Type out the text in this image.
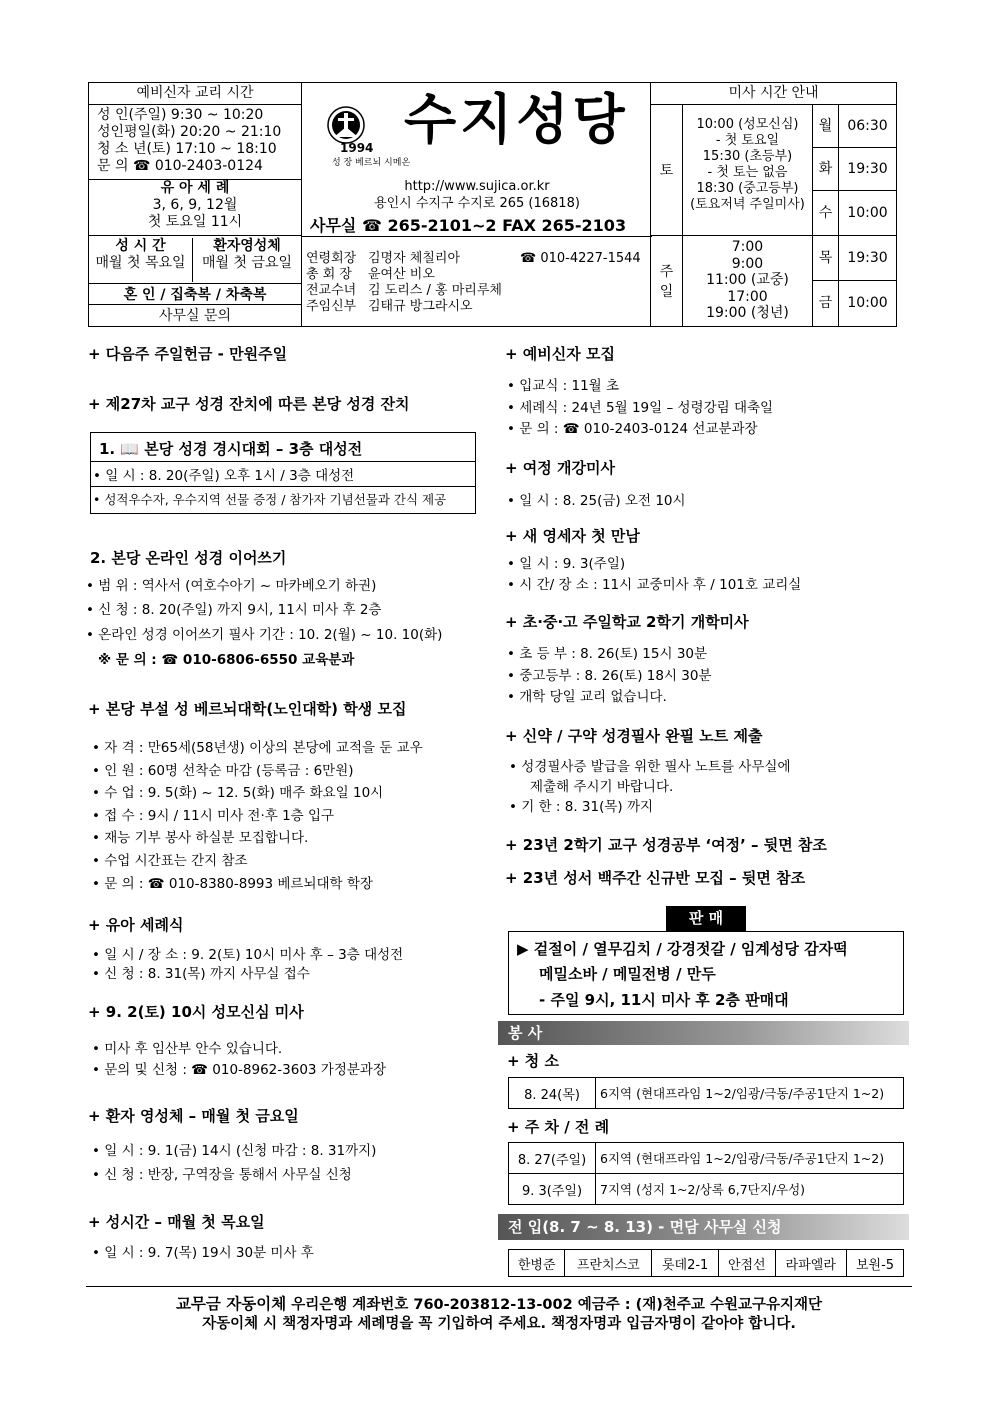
예비신자 교리 시간
성 인(주일) 9:30 ~ 10:20
성인평일(화) 20:20 ~ 21:10
청 소 년(토) 17:10 ~ 18:10
문 의 ☎ 010-2403-0124
유 아 세 례
3, 6, 9, 12월
첫 토요일 11시
성 시 간
매월 첫 목요일
환자영성체
매월 첫 금요일
혼 인 / 집축복 / 차축복
사무실 문의
1994
성 장 베르뇌 시메온
수지성당
http://www.sujica.or.kr
용인시 수지구 수지로 265 (16818)
사무실 ☎ 265-2101~2 FAX 265-2103
연령회장 김명자 체칠리아
총 회 장 윤여산 비오
전교수녀 김 도리스 / 홍 마리루체
주임신부 김태규 방그라시오
☎ 010-4227-1544
미사 시간 안내
토
10:00 (성모신심)
- 첫 토요일
15:30 (초등부)
- 첫 토는 없음
18:30 (중고등부)
(토요저녁 주일미사)
주 일
7:00
9:00
11:00 (교중)
17:00
19:00 (청년)
월	06:30
화	19:30
수	10:00
목	19:30
금	10:00
+ 다음주 주일헌금 - 만원주일
+ 제27차 교구 성경 잔치에 따른 본당 성경 잔치
1. 📖 본당 성경 경시대회 – 3층 대성전
• 일 시 : 8. 20(주일) 오후 1시 / 3층 대성전
• 성적우수자, 우수지역 선물 증정 / 참가자 기념선물과 간식 제공
2. 본당 온라인 성경 이어쓰기
• 범 위 : 역사서 (여호수아기 ~ 마카베오기 하권)
• 신 청 : 8. 20(주일) 까지 9시, 11시 미사 후 2층
• 온라인 성경 이어쓰기 필사 기간 : 10. 2(월) ~ 10. 10(화)
※ 문 의 : ☎ 010-6806-6550 교육분과
+ 본당 부설 성 베르뇌대학(노인대학) 학생 모집
• 자 격 : 만65세(58년생) 이상의 본당에 교적을 둔 교우
• 인 원 : 60명 선착순 마감 (등록금 : 6만원)
• 수 업 : 9. 5(화) ~ 12. 5(화) 매주 화요일 10시
• 접 수 : 9시 / 11시 미사 전·후 1층 입구
• 재능 기부 봉사 하실분 모집합니다.
• 수업 시간표는 간지 참조
• 문 의 : ☎ 010-8380-8993 베르뇌대학 학장
+ 유아 세례식
• 일 시 / 장 소 : 9. 2(토) 10시 미사 후 – 3층 대성전
• 신 청 : 8. 31(목) 까지 사무실 접수
+ 9. 2(토) 10시 성모신심 미사
• 미사 후 임산부 안수 있습니다.
• 문의 및 신청 : ☎ 010-8962-3603 가정분과장
+ 환자 영성체 – 매월 첫 금요일
• 일 시 : 9. 1(금) 14시 (신청 마감 : 8. 31까지)
• 신 청 : 반장, 구역장을 통해서 사무실 신청
+ 성시간 – 매월 첫 목요일
• 일 시 : 9. 7(목) 19시 30분 미사 후
+ 예비신자 모집
• 입교식 : 11월 초
• 세례식 : 24년 5월 19일 – 성령강림 대축일
• 문 의 : ☎ 010-2403-0124 선교분과장
+ 여정 개강미사
• 일 시 : 8. 25(금) 오전 10시
+ 새 영세자 첫 만남
• 일 시 : 9. 3(주일)
• 시 간/ 장 소 : 11시 교중미사 후 / 101호 교리실
+ 초·중·고 주일학교 2학기 개학미사
• 초 등 부 : 8. 26(토) 15시 30분
• 중고등부 : 8. 26(토) 18시 30분
• 개학 당일 교리 없습니다.
+ 신약 / 구약 성경필사 완필 노트 제출
• 성경필사증 발급을 위한 필사 노트를 사무실에
제출해 주시기 바랍니다.
• 기 한 : 8. 31(목) 까지
+ 23년 2학기 교구 성경공부 ‘여정’ – 뒷면 참조
+ 23년 성서 백주간 신규반 모집 – 뒷면 참조
판 매
▶ 겉절이 / 열무김치 / 강경젓갈 / 임계성당 감자떡
메밀소바 / 메밀전병 / 만두
- 주일 9시, 11시 미사 후 2층 판매대
봉 사
+ 청 소
8. 24(목)	6지역 (현대프라임 1~2/임광/극동/주공1단지 1~2)
+ 주 차 / 전 례
8. 27(주일)	6지역 (현대프라임 1~2/임광/극동/주공1단지 1~2)
9. 3(주일)	7지역 (성지 1~2/상록 6,7단지/우성)
전 입(8. 7 ~ 8. 13) - 면담 사무실 신청
한병준	프란치스코	롯데2-1	안점선	라파엘라	보원-5
교무금 자동이체 우리은행 계좌번호 760-203812-13-002 예금주 : (재)천주교 수원교구유지재단
자동이체 시 책정자명과 세례명을 꼭 기입하여 주세요. 책정자명과 입금자명이 같아야 합니다.
